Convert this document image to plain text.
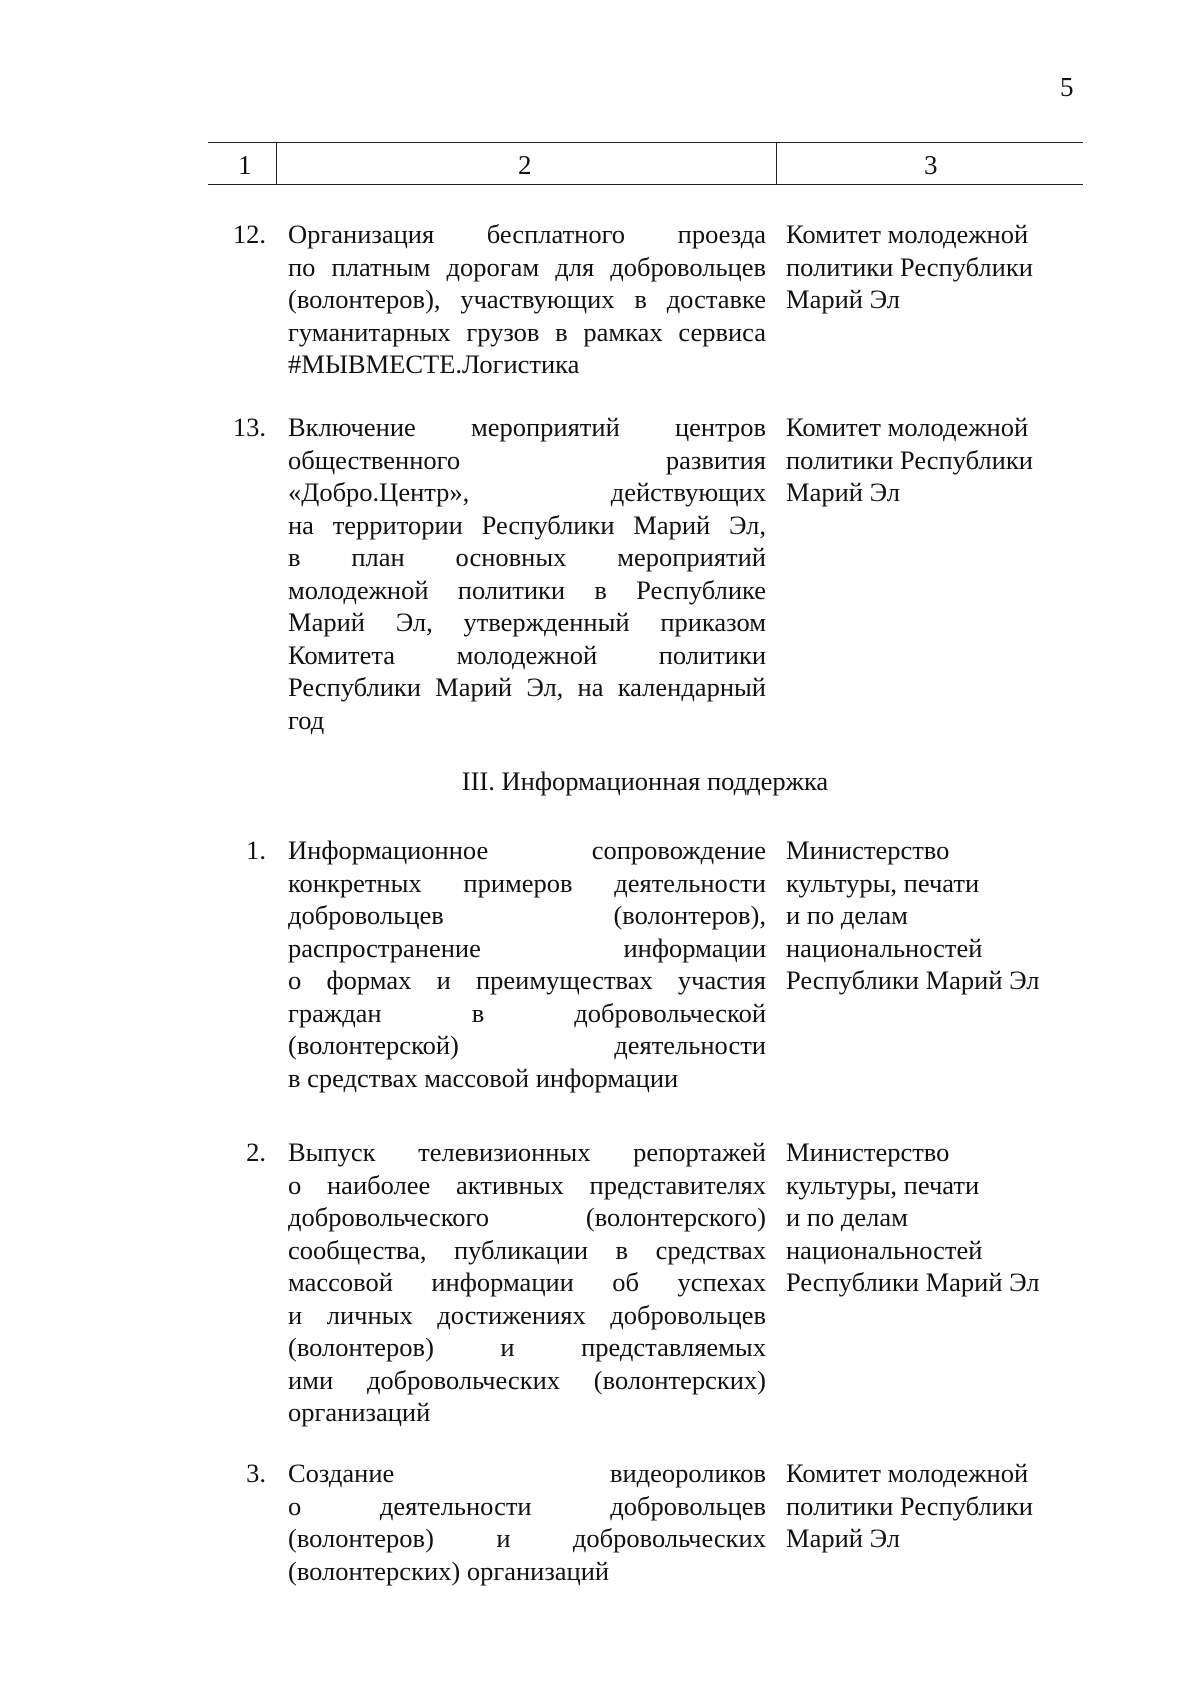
5
1	2	3
12. Организация бесплатного проезда
по платным дорогам для добровольцев
(волонтеров), участвующих в доставке
гуманитарных грузов в рамках сервиса
#МЫВМЕСТЕ.Логистика
Комитет молодежной
политики Республики
Марий Эл
13. Включение мероприятий центров
общественного развития
«Добро.Центр», действующих
на территории Республики Марий Эл,
в план основных мероприятий
молодежной политики в Республике
Марий Эл, утвержденный приказом
Комитета молодежной политики
Республики Марий Эл, на календарный
год
Комитет молодежной
политики Республики
Марий Эл
III. Информационная поддержка
1. Информационное сопровождение
конкретных примеров деятельности
добровольцев (волонтеров),
распространение информации
о формах и преимуществах участия
граждан в добровольческой
(волонтерской) деятельности
в средствах массовой информации
Министерство
культуры, печати
и по делам
национальностей
Республики Марий Эл
2. Выпуск телевизионных репортажей
о наиболее активных представителях
добровольческого (волонтерского)
сообщества, публикации в средствах
массовой информации об успехах
и личных достижениях добровольцев
(волонтеров) и представляемых
ими добровольческих (волонтерских)
организаций
Министерство
культуры, печати
и по делам
национальностей
Республики Марий Эл
3. Создание видеороликов
о деятельности добровольцев
(волонтеров) и добровольческих
(волонтерских) организаций
Комитет молодежной
политики Республики
Марий Эл
